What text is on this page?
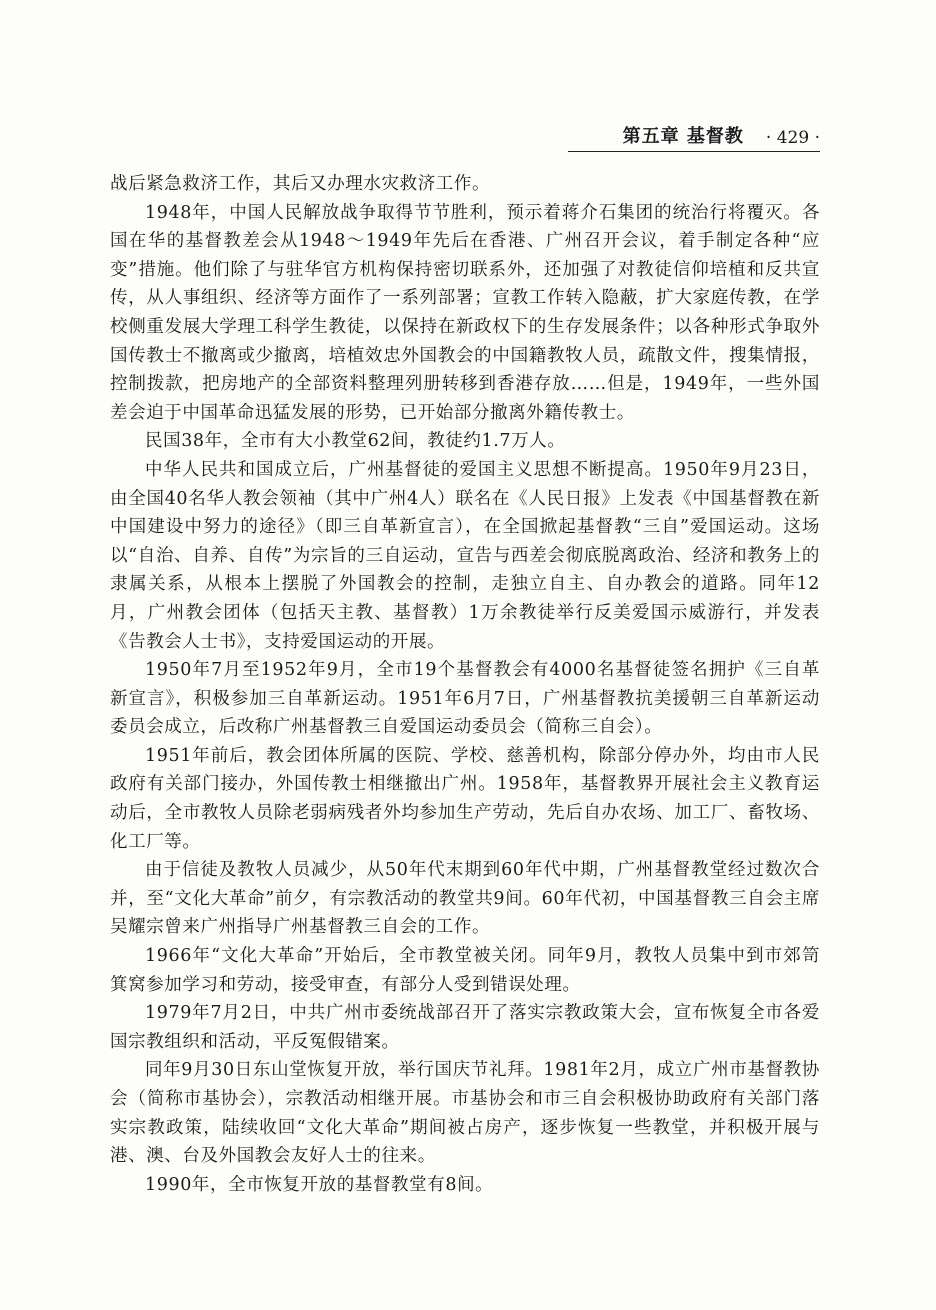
第五章 基督教 · 429 ·

战后紧急救济工作，其后又办理水灾救济工作。

1948年，中国人民解放战争取得节节胜利，预示着蒋介石集团的统治行将覆灭。各国在华的基督教差会从1948～1949年先后在香港、广州召开会议，着手制定各种“应变”措施。他们除了与驻华官方机构保持密切联系外，还加强了对教徒信仰培植和反共宣传，从人事组织、经济等方面作了一系列部署；宣教工作转入隐蔽，扩大家庭传教，在学校侧重发展大学理工科学生教徒，以保持在新政权下的生存发展条件；以各种形式争取外国传教士不撤离或少撤离，培植效忠外国教会的中国籍教牧人员，疏散文件，搜集情报，控制拨款，把房地产的全部资料整理列册转移到香港存放……但是，1949年，一些外国差会迫于中国革命迅猛发展的形势，已开始部分撤离外籍传教士。

民国38年，全市有大小教堂62间，教徒约1.7万人。

中华人民共和国成立后，广州基督徒的爱国主义思想不断提高。1950年9月23日，由全国40名华人教会领袖（其中广州4人）联名在《人民日报》上发表《中国基督教在新中国建设中努力的途径》（即三自革新宣言），在全国掀起基督教“三自”爱国运动。这场以“自治、自养、自传”为宗旨的三自运动，宣告与西差会彻底脱离政治、经济和教务上的隶属关系，从根本上摆脱了外国教会的控制，走独立自主、自办教会的道路。同年12月，广州教会团体（包括天主教、基督教）1万余教徒举行反美爱国示威游行，并发表《告教会人士书》，支持爱国运动的开展。

1950年7月至1952年9月，全市19个基督教会有4000名基督徒签名拥护《三自革新宣言》，积极参加三自革新运动。1951年6月7日，广州基督教抗美援朝三自革新运动委员会成立，后改称广州基督教三自爱国运动委员会（简称三自会）。

1951年前后，教会团体所属的医院、学校、慈善机构，除部分停办外，均由市人民政府有关部门接办，外国传教士相继撤出广州。1958年，基督教界开展社会主义教育运动后，全市教牧人员除老弱病残者外均参加生产劳动，先后自办农场、加工厂、畜牧场、化工厂等。

由于信徒及教牧人员减少，从50年代末期到60年代中期，广州基督教堂经过数次合并，至“文化大革命”前夕，有宗教活动的教堂共9间。60年代初，中国基督教三自会主席吴耀宗曾来广州指导广州基督教三自会的工作。

1966年“文化大革命”开始后，全市教堂被关闭。同年9月，教牧人员集中到市郊笥箕窝参加学习和劳动，接受审查，有部分人受到错误处理。

1979年7月2日，中共广州市委统战部召开了落实宗教政策大会，宣布恢复全市各爱国宗教组织和活动，平反冤假错案。

同年9月30日东山堂恢复开放，举行国庆节礼拜。1981年2月，成立广州市基督教协会（简称市基协会），宗教活动相继开展。市基协会和市三自会积极协助政府有关部门落实宗教政策，陆续收回“文化大革命”期间被占房产，逐步恢复一些教堂，并积极开展与港、澳、台及外国教会友好人士的往来。

1990年，全市恢复开放的基督教堂有8间。
